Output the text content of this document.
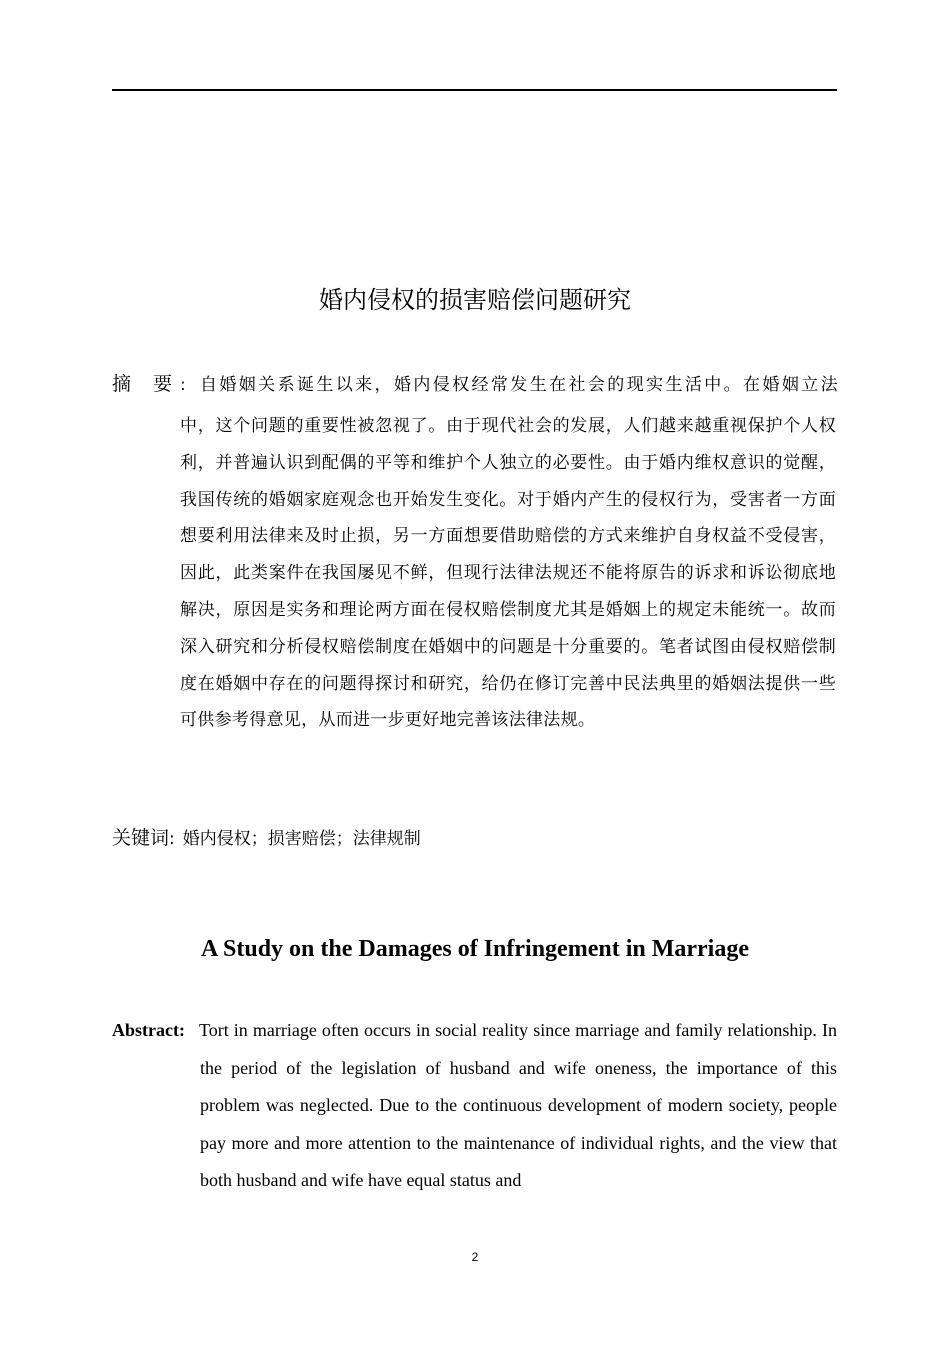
婚内侵权的损害赔偿问题研究
摘 要: 自婚姻关系诞生以来，婚内侵权经常发生在社会的现实生活中。在婚姻立法
中，这个问题的重要性被忽视了。由于现代社会的发展，人们越来越重视保护个人权利，并普遍认识到配偶的平等和维护个人独立的必要性。由于婚内维权意识的觉醒，我国传统的婚姻家庭观念也开始发生变化。对于婚内产生的侵权行为，受害者一方面想要利用法律来及时止损，另一方面想要借助赔偿的方式来维护自身权益不受侵害，因此，此类案件在我国屡见不鲜，但现行法律法规还不能将原告的诉求和诉讼彻底地解决，原因是实务和理论两方面在侵权赔偿制度尤其是婚姻上的规定未能统一。故而深入研究和分析侵权赔偿制度在婚姻中的问题是十分重要的。笔者试图由侵权赔偿制度在婚姻中存在的问题得探讨和研究，给仍在修订完善中民法典里的婚姻法提供一些可供参考得意见，从而进一步更好地完善该法律法规。
关键词: 婚内侵权；损害赔偿；法律规制
A Study on the Damages of Infringement in Marriage
Abstract: Tort in marriage often occurs in social reality since marriage and family relationship. In the period of the legislation of husband and wife oneness, the importance of this problem was neglected. Due to the continuous development of modern society, people pay more and more attention to the maintenance of individual rights, and the view that both husband and wife have equal status and
2
